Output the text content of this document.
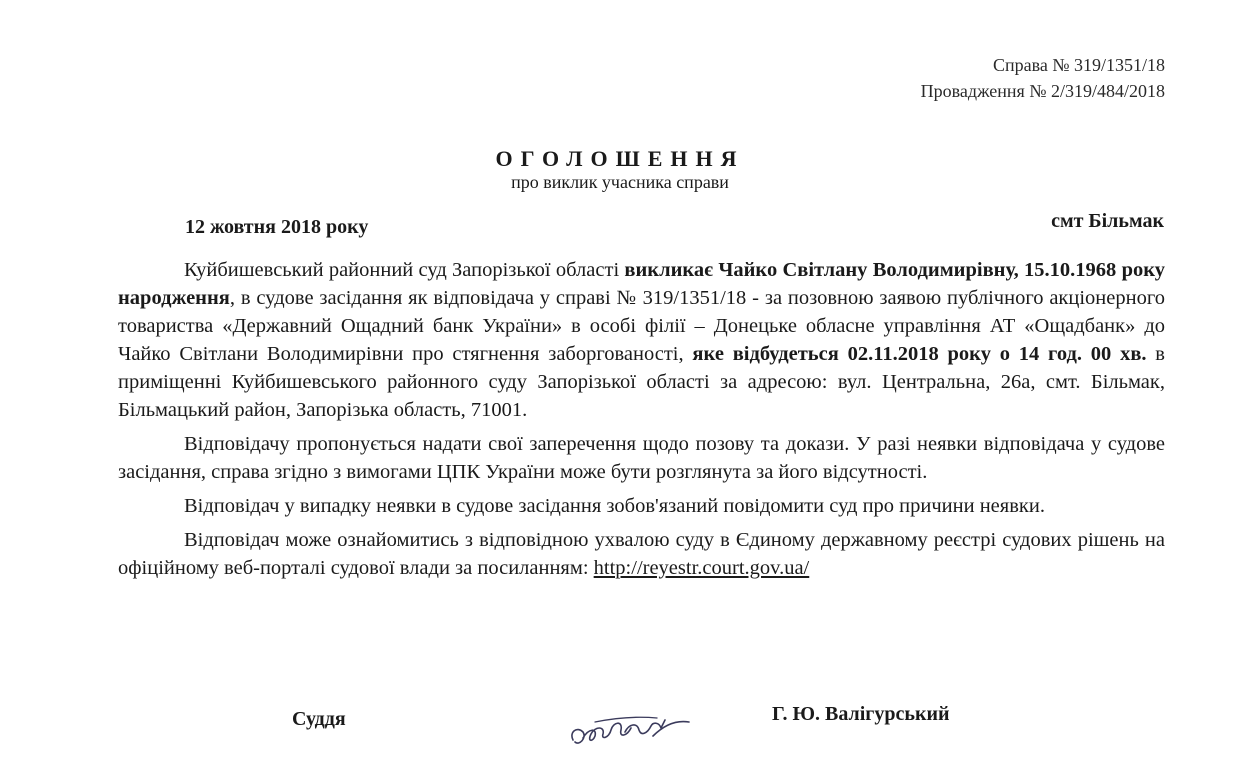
Справа № 319/1351/18
Провадження № 2/319/484/2018
ОГОЛОШЕННЯ
про виклик учасника справи
12 жовтня 2018 року	смт Більмак

Куйбишевський районний суд Запорізької області викликає Чайко Світлану Володимирівну, 15.10.1968 року народження, в судове засідання як відповідача у справі № 319/1351/18 - за позовною заявою публічного акціонерного товариства «Державний Ощадний банк України» в особі філії – Донецьке обласне управління АТ «Ощадбанк» до Чайко Світлани Володимирівни про стягнення заборгованості, яке відбудеться 02.11.2018 року о 14 год. 00 хв. в приміщенні Куйбишевського районного суду Запорізької області за адресою: вул. Центральна, 26а, смт. Більмак, Більмацький район, Запорізька область, 71001.

Відповідачу пропонується надати свої заперечення щодо позову та докази. У разі неявки відповідача у судове засідання, справа згідно з вимогами ЦПК України може бути розглянута за його відсутності.

Відповідач у випадку неявки в судове засідання зобов'язаний повідомити суд про причини неявки.

Відповідач може ознайомитись з відповідною ухвалою суду в Єдиному державному реєстрі судових рішень на офіційному веб-порталі судової влади за посиланням: http://reyestr.court.gov.ua/

Суддя	Г. Ю. Валігурський
